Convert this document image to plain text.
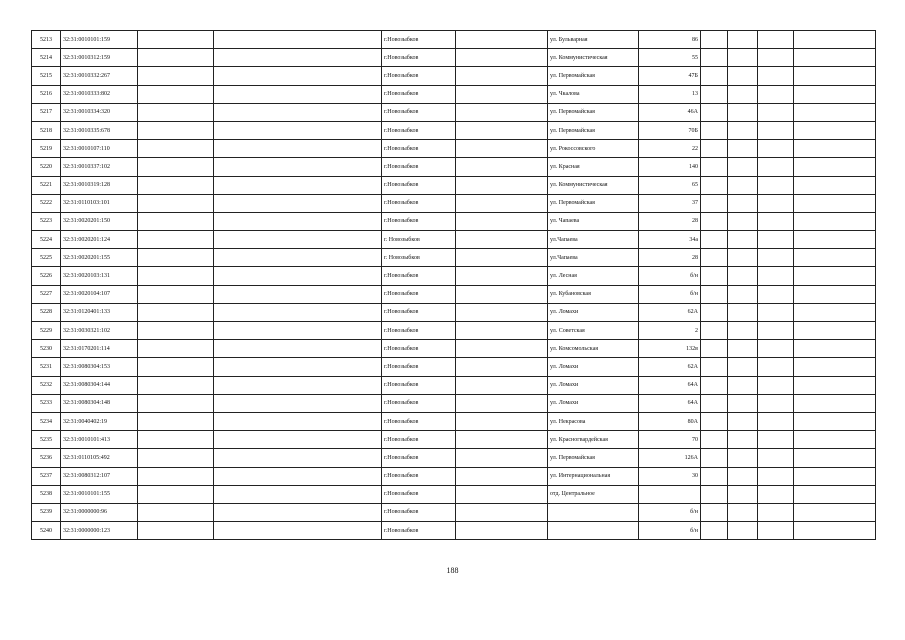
5213	32:31:0010101:159			г.Новозыбков		ул. Бульварная	86				
5214	32:31:0010312:159			г.Новозыбков		ул. Коммунистическая	55				
5215	32:31:0010332:267			г.Новозыбков		ул. Первомайская	47Б				
5216	32:31:0010333:802			г.Новозыбков		ул. Чкалова	13				
5217	32:31:0010334:320			г.Новозыбков		ул. Первомайская	46А				
5218	32:31:0010335:678			г.Новозыбков		ул. Первомайская	70Б				
5219	32:31:0010107:110			г.Новозыбков		ул. Рокоссовского	22				
5220	32:31:0010337:102			г.Новозыбков		ул. Красная	140				
5221	32:31:0010319:128			г.Новозыбков		ул. Коммунистическая	65				
5222	32:31:0110103:101			г.Новозыбков		ул. Первомайская	37				
5223	32:31:0020201:150			г.Новозыбков		ул. Чапаева	28				
5224	32:31:0020201:124			г. Новозыбков		ул.Чапаева	34а				
5225	32:31:0020201:155			г. Новозыбков		ул.Чапаева	28				
5226	32:31:0020103:131			г.Новозыбков		ул. Лесная	б/н				
5227	32:31:0020104:107			г.Новозыбков		ул. Кубановская	б/н				
5228	32:31:0120401:133			г.Новозыбков		ул. Ломахи	62А				
5229	32:31:0030321:102			г.Новозыбков		ул. Советская	2				
5230	32:31:0170201:114			г.Новозыбков		ул. Комсомольская	132в				
5231	32:31:0080304:153			г.Новозыбков		ул. Ломахи	62А				
5232	32:31:0080304:144			г.Новозыбков		ул. Ломахи	64А				
5233	32:31:0080304:148			г.Новозыбков		ул. Ломахи	64А				
5234	32:31:0040402:19			г.Новозыбков		ул. Некрасова	80А				
5235	32:31:0010101:413			г.Новозыбков		ул. Красногвардейская	70				
5236	32:31:0110105:492			г.Новозыбков		ул. Первомайская	126А				
5237	32:31:0080312:107			г.Новозыбков		ул. Интернациональная	30				
5238	32:31:0010101:155			г.Новозыбков		отд. Центральное					
5239	32:31:0000000:96			г.Новозыбков			б/н				
5240	32:31:0000000:123			г.Новозыбков			б/н				
188
